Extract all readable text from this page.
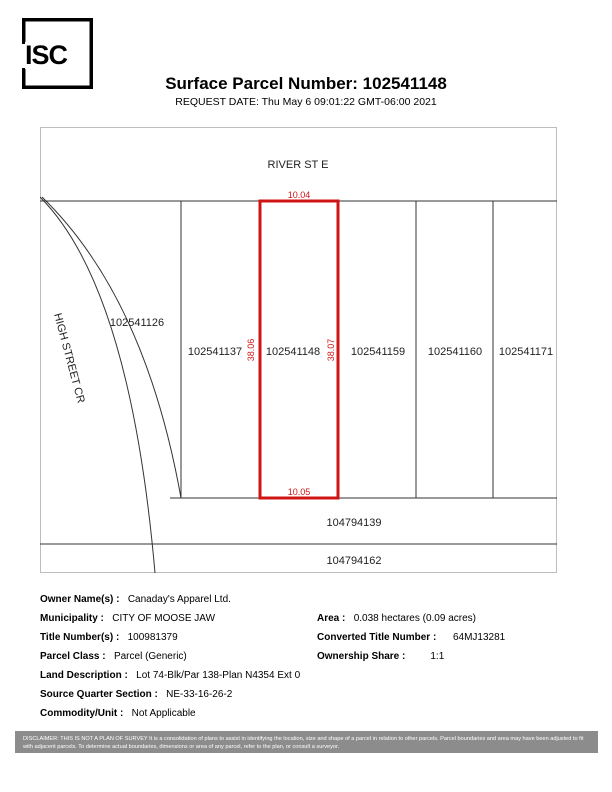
ISC
Surface Parcel Number: 102541148
REQUEST DATE: Thu May 6 09:01:22 GMT-06:00 2021
RIVER ST E
HIGH STREET CR 102541126
102541137 102541148	102541159 102541160 102541171
104794139
104794162
10.04
10.05
38.06	38.07
Owner Name(s) : Canaday's Apparel Ltd.
Municipality : CITY OF MOOSE JAW
Title Number(s) : 100981379
Parcel Class : Parcel (Generic)
Land Description : Lot 74-Blk/Par 138-Plan N4354 Ext 0
Source Quarter Section : NE-33-16-26-2
Commodity/Unit : Not Applicable
Area : 0.038 hectares (0.09 acres)
Converted Title Number : 64MJ13281
Ownership Share :	1:1
DISCLAIMER: THIS IS NOT A PLAN OF SURVEY It is a consolidation of plans to assist in identifying the location, size and shape of a parcel in relation to other parcels. Parcel boundaries and area may have been adjusted to fit with adjacent parcels. To determine actual boundaries, dimensions or area of any parcel, refer to the plan, or consult a surveyor.
